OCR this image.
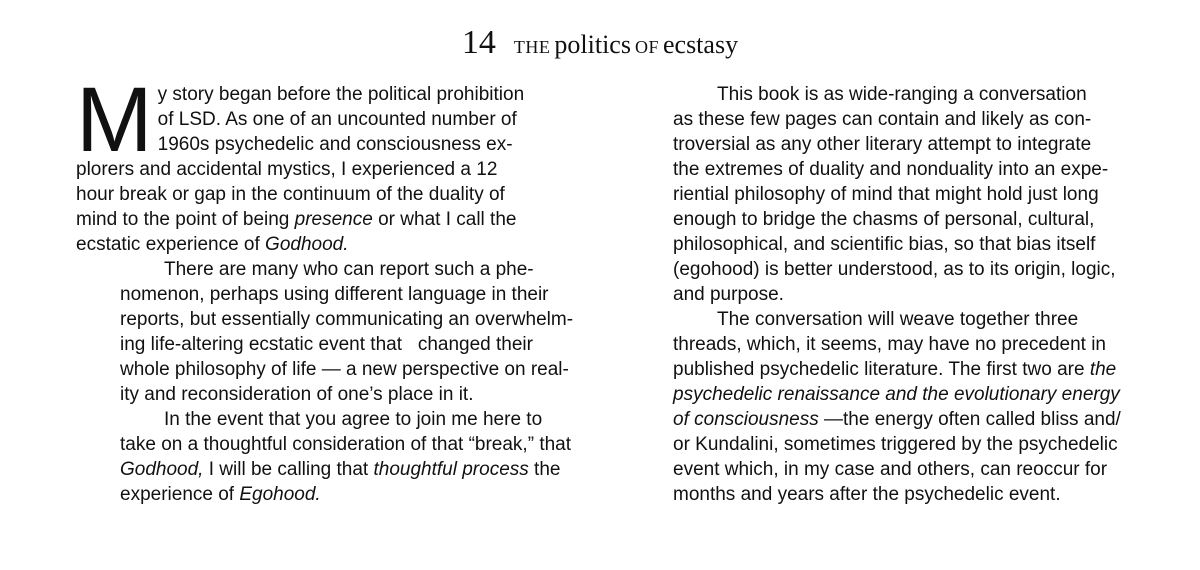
14 THE politics OF ecstasy
M y story began before the political prohibition
of LSD. As one of an uncounted number of
1960s psychedelic and consciousness ex-
plorers and accidental mystics, I experienced a 12
hour break or gap in the continuum of the duality of
mind to the point of being presence or what I call the
ecstatic experience of Godhood.
There are many who can report such a phe-
nomenon, perhaps using different language in their
reports, but essentially communicating an overwhelm-
ing life-altering ecstatic event that   changed their
whole philosophy of life — a new perspective on real-
ity and reconsideration of one’s place in it.
In the event that you agree to join me here to
take on a thoughtful consideration of that “break,” that
Godhood, I will be calling that thoughtful process the
experience of Egohood.
This book is as wide-ranging a conversation
as these few pages can contain and likely as con-
troversial as any other literary attempt to integrate
the extremes of duality and nonduality into an expe-
riential philosophy of mind that might hold just long
enough to bridge the chasms of personal, cultural,
philosophical, and scientific bias, so that bias itself
(egohood) is better understood, as to its origin, logic,
and purpose.
The conversation will weave together three
threads, which, it seems, may have no precedent in
published psychedelic literature. The first two are the
psychedelic renaissance and the evolutionary energy
of consciousness —the energy often called bliss and/
or Kundalini, sometimes triggered by the psychedelic
event which, in my case and others, can reoccur for
months and years after the psychedelic event.
